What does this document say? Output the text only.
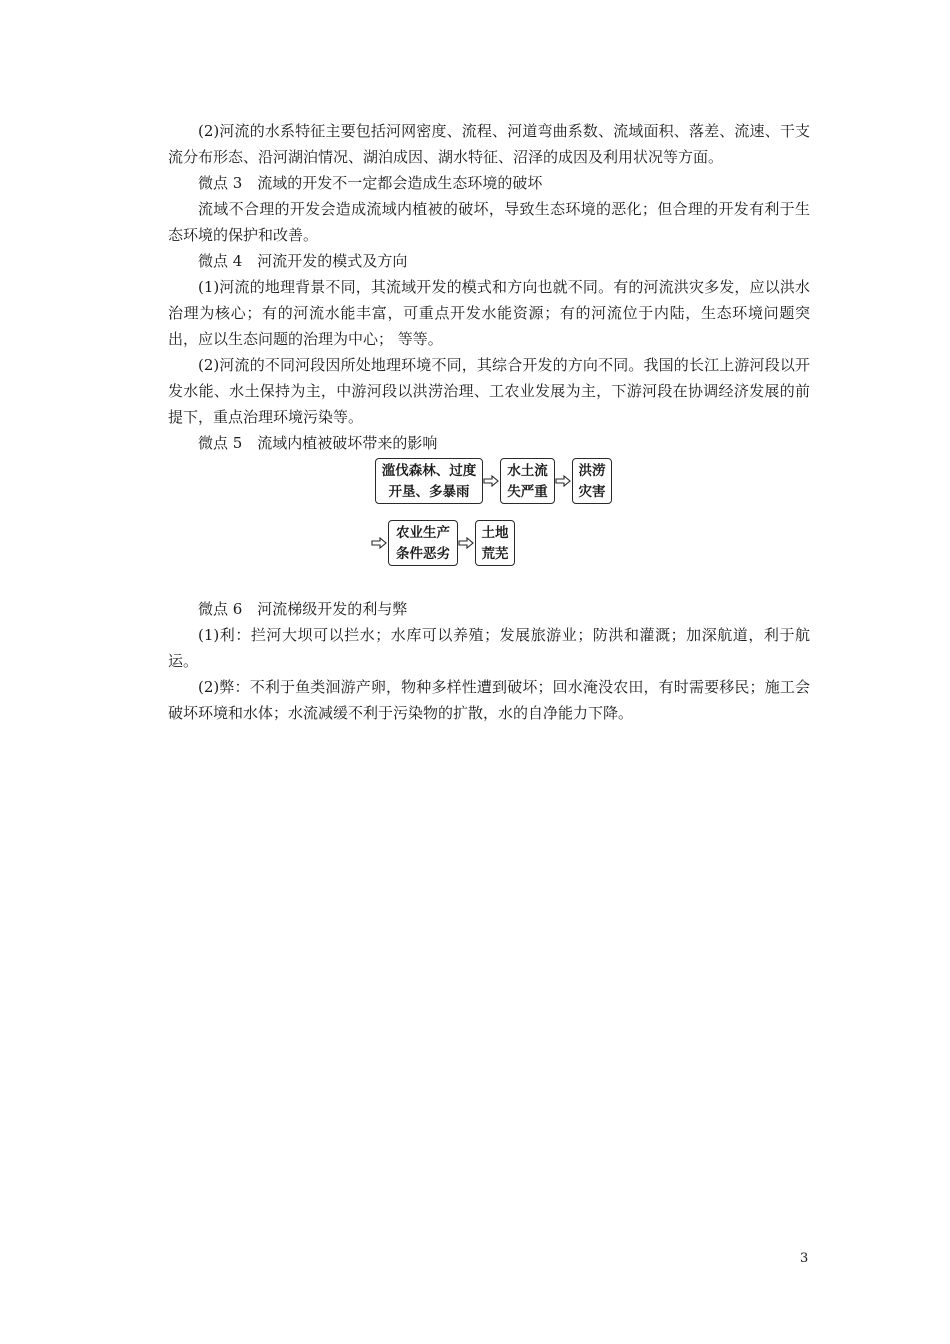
(2)河流的水系特征主要包括河网密度、流程、河道弯曲系数、流域面积、落差、流速、干支流分布形态、沿河湖泊情况、湖泊成因、湖水特征、沼泽的成因及利用状况等方面。

微点 3　流域的开发不一定都会造成生态环境的破坏

流域不合理的开发会造成流域内植被的破坏，导致生态环境的恶化；但合理的开发有利于生态环境的保护和改善。

微点 4　河流开发的模式及方向

(1)河流的地理背景不同，其流域开发的模式和方向也就不同。有的河流洪灾多发，应以洪水治理为核心；有的河流水能丰富，可重点开发水能资源；有的河流位于内陆，生态环境问题突出，应以生态问题的治理为中心； 等等。

(2)河流的不同河段因所处地理环境不同，其综合开发的方向不同。我国的长江上游河段以开发水能、水土保持为主，中游河段以洪涝治理、工农业发展为主，下游河段在协调经济发展的前提下，重点治理环境污染等。

微点 5　流域内植被破坏带来的影响

滥伐森林、过度
开垦、多暴雨
水土流
失严重
洪涝
灾害
农业生产
条件恶劣
土地
荒芜

微点 6　河流梯级开发的利与弊

(1)利：拦河大坝可以拦水；水库可以养殖；发展旅游业；防洪和灌溉；加深航道，利于航运。

(2)弊：不利于鱼类洄游产卵，物种多样性遭到破坏；回水淹没农田，有时需要移民；施工会破坏环境和水体；水流减缓不利于污染物的扩散，水的自净能力下降。

3
